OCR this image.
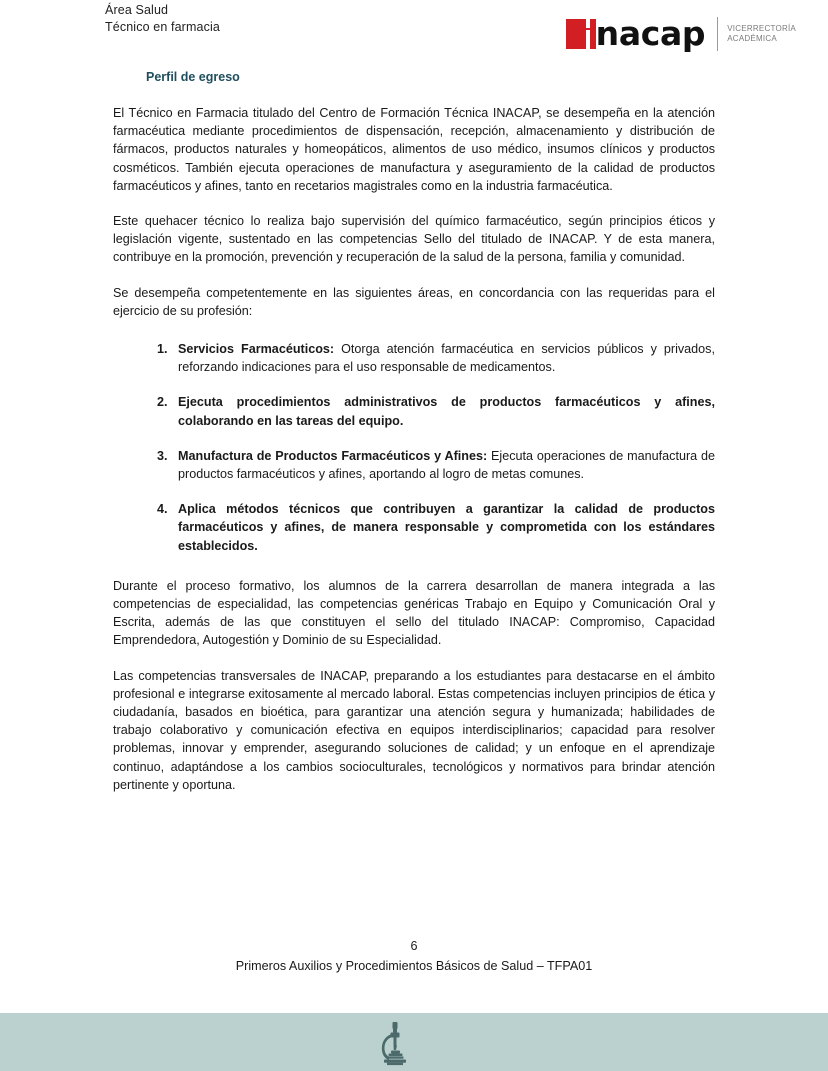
Área Salud
Técnico en farmacia	nacap	VICERRECTORÍA
ACADÉMICA
Perfil de egreso

El Técnico en Farmacia titulado del Centro de Formación Técnica INACAP, se desempeña en la atención farmacéutica mediante procedimientos de dispensación, recepción, almacenamiento y distribución de fármacos, productos naturales y homeopáticos, alimentos de uso médico, insumos clínicos y productos cosméticos. También ejecuta operaciones de manufactura y aseguramiento de la calidad de productos farmacéuticos y afines, tanto en recetarios magistrales como en la industria farmacéutica.

Este quehacer técnico lo realiza bajo supervisión del químico farmacéutico, según principios éticos y legislación vigente, sustentado en las competencias Sello del titulado de INACAP. Y de esta manera, contribuye en la promoción, prevención y recuperación de la salud de la persona, familia y comunidad.

Se desempeña competentemente en las siguientes áreas, en concordancia con las requeridas para el ejercicio de su profesión:

Servicios Farmacéuticos: Otorga atención farmacéutica en servicios públicos y privados, reforzando indicaciones para el uso responsable de medicamentos.
Ejecuta procedimientos administrativos de productos farmacéuticos y afines, colaborando en las tareas del equipo.
Manufactura de Productos Farmacéuticos y Afines: Ejecuta operaciones de manufactura de productos farmacéuticos y afines, aportando al logro de metas comunes.
Aplica métodos técnicos que contribuyen a garantizar la calidad de productos farmacéuticos y afines, de manera responsable y comprometida con los estándares establecidos.

Durante el proceso formativo, los alumnos de la carrera desarrollan de manera integrada a las competencias de especialidad, las competencias genéricas Trabajo en Equipo y Comunicación Oral y Escrita, además de las que constituyen el sello del titulado INACAP: Compromiso, Capacidad Emprendedora, Autogestión y Dominio de su Especialidad.

Las competencias transversales de INACAP, preparando a los estudiantes para destacarse en el ámbito profesional e integrarse exitosamente al mercado laboral. Estas competencias incluyen principios de ética y ciudadanía, basados en bioética, para garantizar una atención segura y humanizada; habilidades de trabajo colaborativo y comunicación efectiva en equipos interdisciplinarios; capacidad para resolver problemas, innovar y emprender, asegurando soluciones de calidad; y un enfoque en el aprendizaje continuo, adaptándose a los cambios socioculturales, tecnológicos y normativos para brindar atención pertinente y oportuna.

6
Primeros Auxilios y Procedimientos Básicos de Salud – TFPA01
